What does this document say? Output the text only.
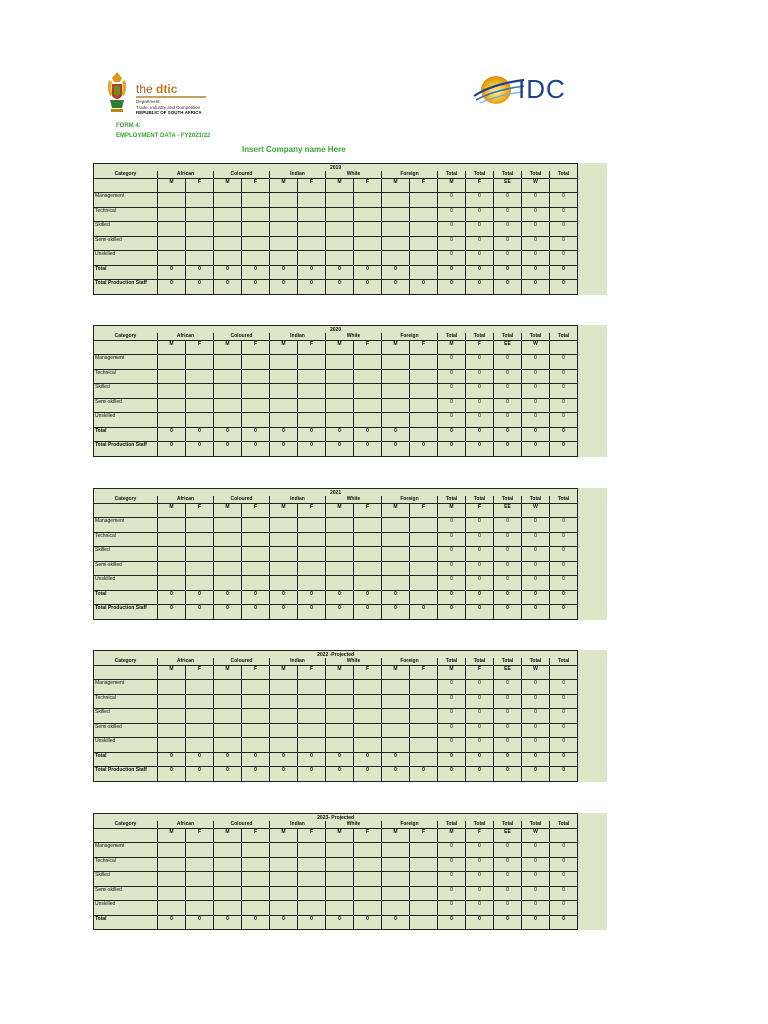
the dtic
Department:
Trade, Industry and Competition
REPUBLIC OF SOUTH AFRICA
IDC
FORM 4:
EMPLOYMENT DATA - FY2021/22
Insert Company name Here
2019															
Category	African		Coloured		Indian		White		Foreign		Total	Total	Total	Total	Total
	M	F	M	F	M	F	M	F	M	F	M	F	EE	W	
Management											0	0	0	0	0
Technical											0	0	0	0	0
Skilled											0	0	0	0	0
Semi-skilled											0	0	0	0	0
Unskilled											0	0	0	0	0
Total	0	0	0	0	0	0	0	0	0		0	0	0	0	0
Total Production Staff	0	0	0	0	0	0	0	0	0	0	0	0	0	0	0
2020															
Category	African		Coloured		Indian		White		Foreign		Total	Total	Total	Total	Total
	M	F	M	F	M	F	M	F	M	F	M	F	EE	W	
Management											0	0	0	0	0
Technical											0	0	0	0	0
Skilled											0	0	0	0	0
Semi-skilled											0	0	0	0	0
Unskilled											0	0	0	0	0
Total	0	0	0	0	0	0	0	0	0		0	0	0	0	0
Total Production Staff	0	0	0	0	0	0	0	0	0	0	0	0	0	0	0
2021															
Category	African		Coloured		Indian		White		Foreign		Total	Total	Total	Total	Total
	M	F	M	F	M	F	M	F	M	F	M	F	EE	W	
Management											0	0	0	0	0
Technical											0	0	0	0	0
Skilled											0	0	0	0	0
Semi-skilled											0	0	0	0	0
Unskilled											0	0	0	0	0
Total	0	0	0	0	0	0	0	0	0		0	0	0	0	0
Total Production Staff	0	0	0	0	0	0	0	0	0	0	0	0	0	0	0
2022 -Projected															
Category	African		Coloured		Indian		White		Foreign		Total	Total	Total	Total	Total
	M	F	M	F	M	F	M	F	M	F	M	F	EE	W	
Management											0	0	0	0	0
Technical											0	0	0	0	0
Skilled											0	0	0	0	0
Semi-skilled											0	0	0	0	0
Unskilled											0	0	0	0	0
Total	0	0	0	0	0	0	0	0	0		0	0	0	0	0
Total Production Staff	0	0	0	0	0	0	0	0	0	0	0	0	0	0	0
2023- Projected															
Category	African		Coloured		Indian		White		Foreign		Total	Total	Total	Total	Total
	M	F	M	F	M	F	M	F	M	F	M	F	EE	W	
Management											0	0	0	0	0
Technical											0	0	0	0	0
Skilled											0	0	0	0	0
Semi-skilled											0	0	0	0	0
Unskilled											0	0	0	0	0
Total	0	0	0	0	0	0	0	0	0		0	0	0	0	0
